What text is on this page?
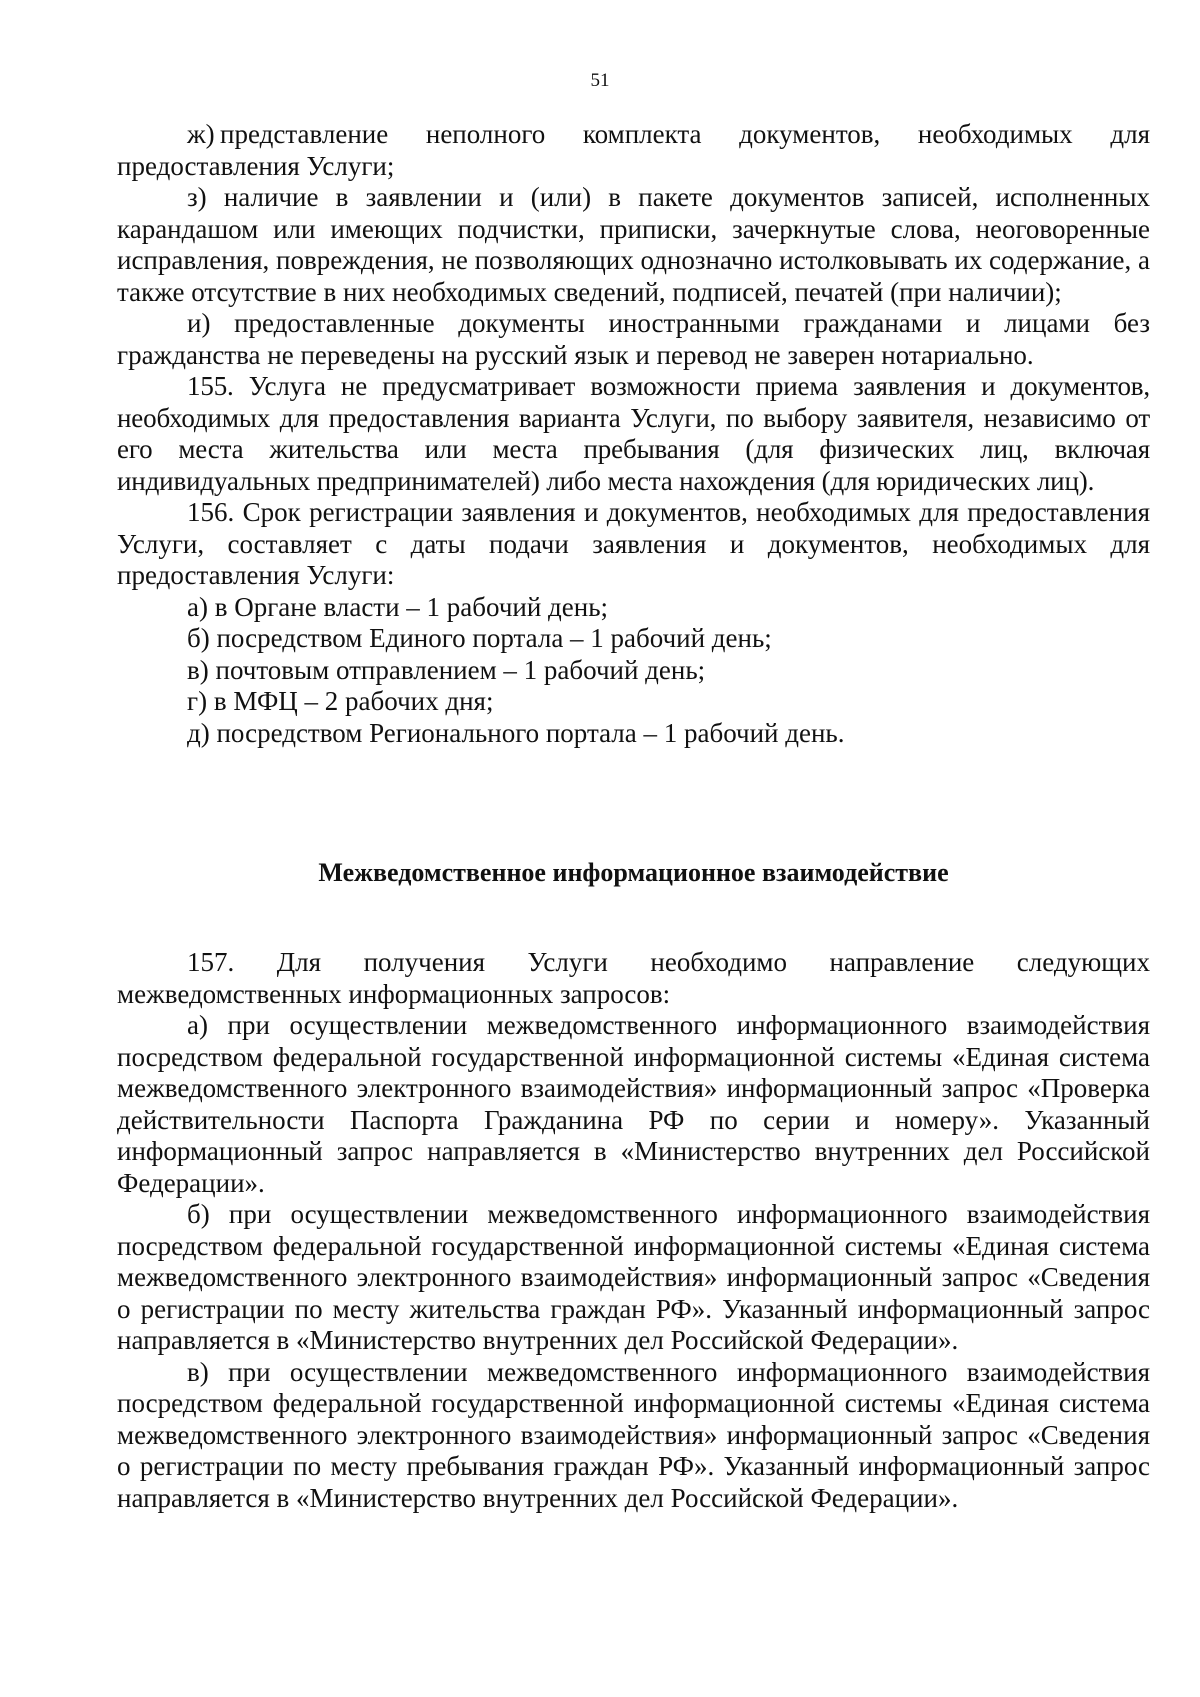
51

ж) представление неполного комплекта документов, необходимых для предоставления Услуги;

з) наличие в заявлении и (или) в пакете документов записей, исполненных карандашом или имеющих подчистки, приписки, зачеркнутые слова, неоговоренные исправления, повреждения, не позволяющих однозначно истолковывать их содержание, а также отсутствие в них необходимых сведений, подписей, печатей (при наличии);

и) предоставленные документы иностранными гражданами и лицами без гражданства не переведены на русский язык и перевод не заверен нотариально.

155. Услуга не предусматривает возможности приема заявления и документов, необходимых для предоставления варианта Услуги, по выбору заявителя, независимо от его места жительства или места пребывания (для физических лиц, включая индивидуальных предпринимателей) либо места нахождения (для юридических лиц).

156. Срок регистрации заявления и документов, необходимых для предоставления Услуги, составляет с даты подачи заявления и документов, необходимых для предоставления Услуги:

а) в Органе власти – 1 рабочий день;

б) посредством Единого портала – 1 рабочий день;

в) почтовым отправлением – 1 рабочий день;

г) в МФЦ – 2 рабочих дня;

д) посредством Регионального портала – 1 рабочий день.

Межведомственное информационное взаимодействие

157. Для получения Услуги необходимо направление следующих межведомственных информационных запросов:

а) при осуществлении межведомственного информационного взаимодействия посредством федеральной государственной информационной системы «Единая система межведомственного электронного взаимодействия» информационный запрос «Проверка действительности Паспорта Гражданина РФ по серии и номеру». Указанный информационный запрос направляется в «Министерство внутренних дел Российской Федерации».

б) при осуществлении межведомственного информационного взаимодействия посредством федеральной государственной информационной системы «Единая система межведомственного электронного взаимодействия» информационный запрос «Сведения о регистрации по месту жительства граждан РФ». Указанный информационный запрос направляется в «Министерство внутренних дел Российской Федерации».

в) при осуществлении межведомственного информационного взаимодействия посредством федеральной государственной информационной системы «Единая система межведомственного электронного взаимодействия» информационный запрос «Сведения о регистрации по месту пребывания граждан РФ». Указанный информационный запрос направляется в «Министерство внутренних дел Российской Федерации».
